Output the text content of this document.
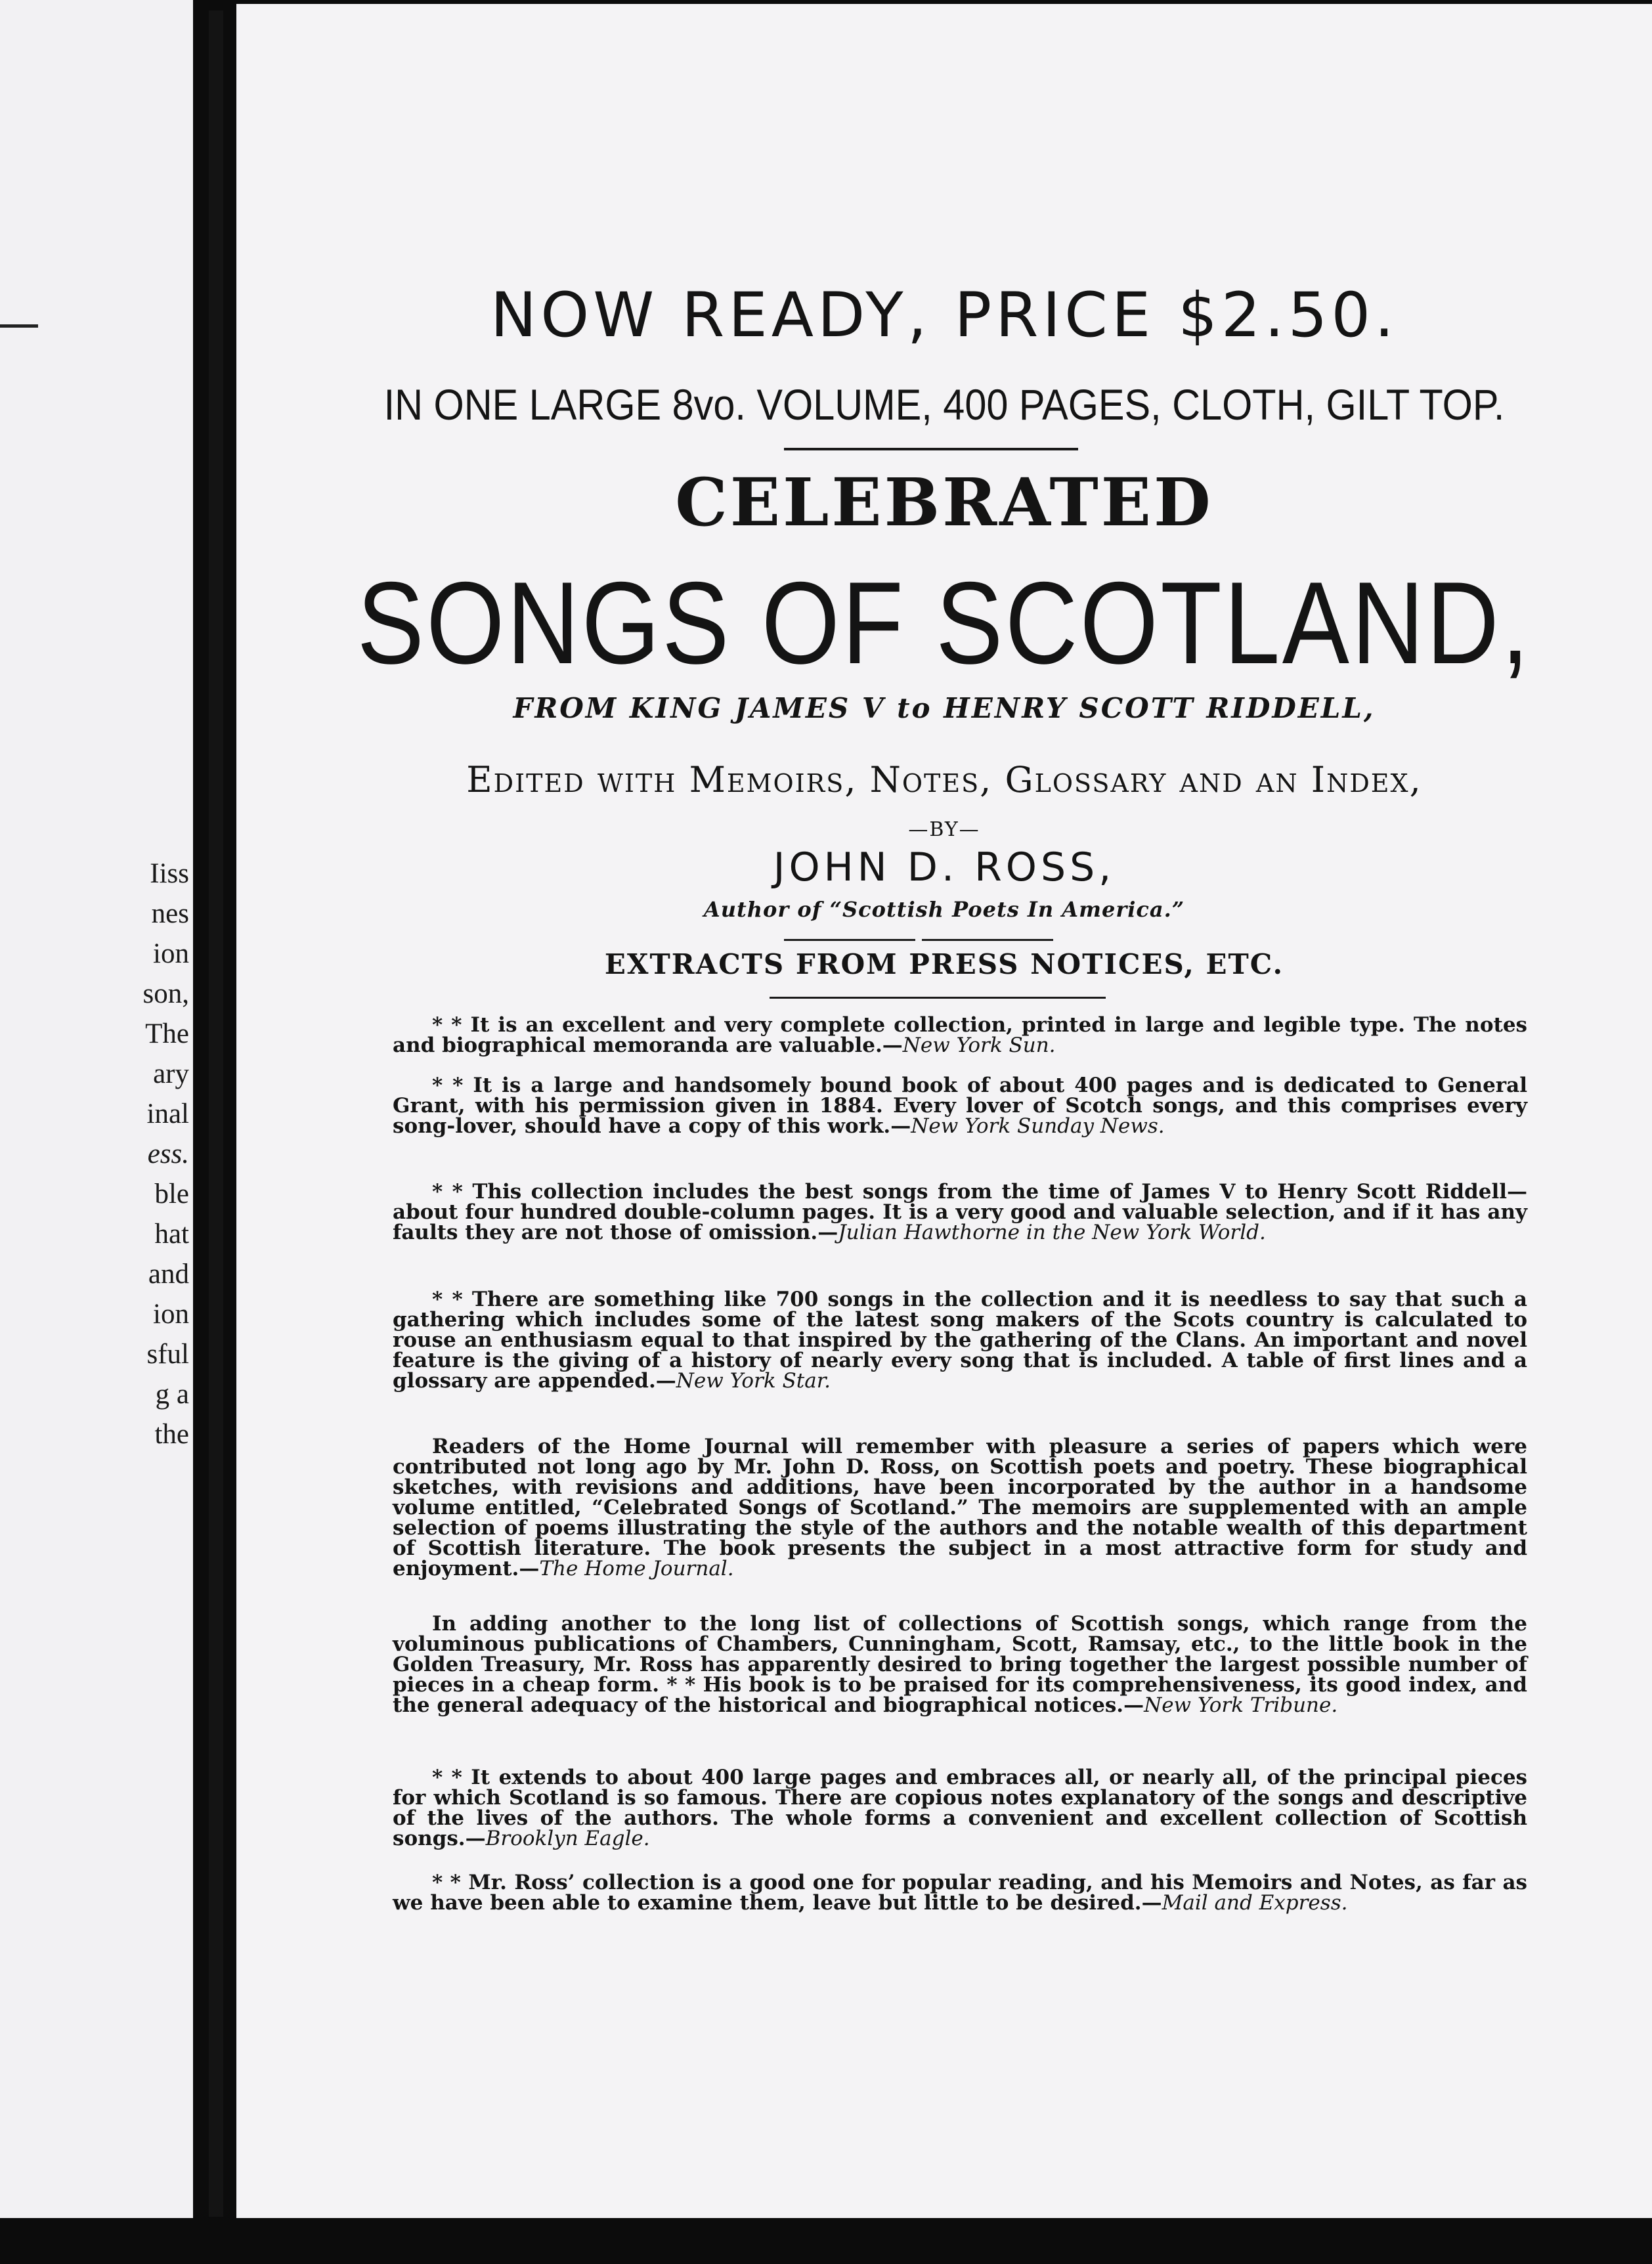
Iiss
nes
ion
son,
The
ary
inal
ess.
ble
hat
and
ion
sful
g a
the
NOW READY, PRICE $2.50.
IN ONE LARGE 8vo. VOLUME, 400 PAGES, CLOTH, GILT TOP.
CELEBRATED
SONGS OF SCOTLAND,
FROM KING JAMES V to HENRY SCOTT RIDDELL,
Edited with Memoirs, Notes, Glossary and an Index,
—BY—
JOHN D. ROSS,
Author of “Scottish Poets In America.”
EXTRACTS FROM PRESS NOTICES, ETC.

* * It is an excellent and very complete collection, printed in large and legible type. The notes and biographical memoranda are valuable.—New York Sun.

* * It is a large and handsomely bound book of about 400 pages and is dedicated to General Grant, with his permission given in 1884. Every lover of Scotch songs, and this comprises every song-lover, should have a copy of this work.—New York Sunday News.

* * This collection includes the best songs from the time of James V to Henry Scott Riddell—about four hundred double-column pages. It is a very good and valuable selection, and if it has any faults they are not those of omission.—Julian Hawthorne in the New York World.

* * There are something like 700 songs in the collection and it is needless to say that such a gathering which includes some of the latest song makers of the Scots country is calculated to rouse an enthusiasm equal to that inspired by the gathering of the Clans. An important and novel feature is the giving of a history of nearly every song that is included. A table of first lines and a glossary are appended.—New York Star.

Readers of the Home Journal will remember with pleasure a series of papers which were contributed not long ago by Mr. John D. Ross, on Scottish poets and poetry. These biographical sketches, with revisions and additions, have been incorporated by the author in a handsome volume entitled, “Celebrated Songs of Scotland.” The memoirs are supplemented with an ample selection of poems illustrating the style of the authors and the notable wealth of this department of Scottish literature. The book presents the subject in a most attractive form for study and enjoyment.—The Home Journal.

In adding another to the long list of collections of Scottish songs, which range from the voluminous publications of Chambers, Cunningham, Scott, Ramsay, etc., to the little book in the Golden Treasury, Mr. Ross has apparently desired to bring together the largest possible number of pieces in a cheap form. * * His book is to be praised for its comprehensiveness, its good index, and the general adequacy of the historical and biographical notices.—New York Tribune.

* * It extends to about 400 large pages and embraces all, or nearly all, of the principal pieces for which Scotland is so famous. There are copious notes explanatory of the songs and descriptive of the lives of the authors. The whole forms a convenient and excellent collection of Scottish songs.—Brooklyn Eagle.

* * Mr. Ross’ collection is a good one for popular reading, and his Memoirs and Notes, as far as we have been able to examine them, leave but little to be desired.—Mail and Express.
